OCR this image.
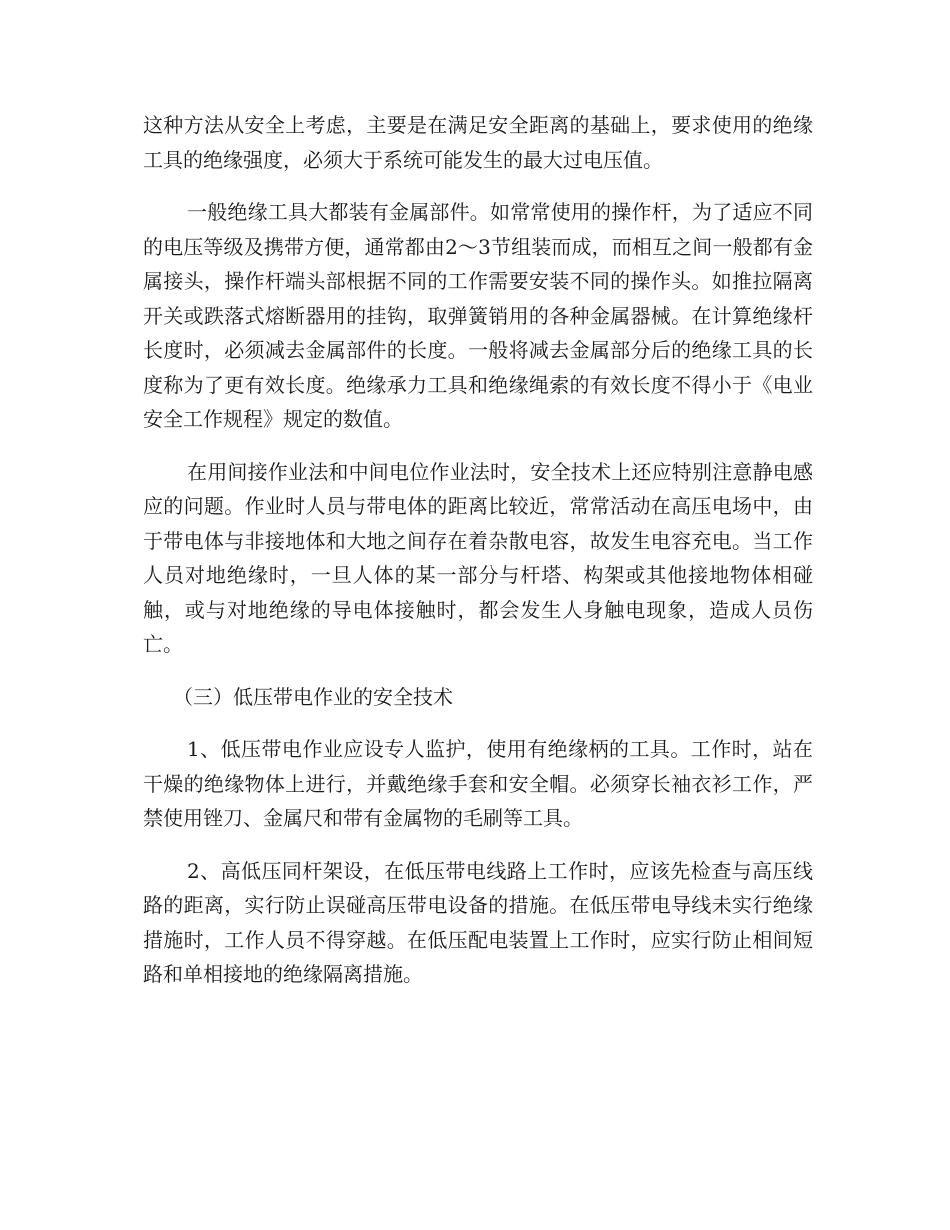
这种方法从安全上考虑，主要是在满足安全距离的基础上，要求使用的绝缘工具的绝缘强度，必须大于系统可能发生的最大过电压值。

一般绝缘工具大都装有金属部件。如常常使用的操作杆，为了适应不同的电压等级及携带方便，通常都由2～3节组装而成，而相互之间一般都有金属接头，操作杆端头部根据不同的工作需要安装不同的操作头。如推拉隔离开关或跌落式熔断器用的挂钩，取弹簧销用的各种金属器械。在计算绝缘杆长度时，必须减去金属部件的长度。一般将减去金属部分后的绝缘工具的长度称为了更有效长度。绝缘承力工具和绝缘绳索的有效长度不得小于《电业安全工作规程》规定的数值。

在用间接作业法和中间电位作业法时，安全技术上还应特别注意静电感应的问题。作业时人员与带电体的距离比较近，常常活动在高压电场中，由于带电体与非接地体和大地之间存在着杂散电容，故发生电容充电。当工作人员对地绝缘时，一旦人体的某一部分与杆塔、构架或其他接地物体相碰触，或与对地绝缘的导电体接触时，都会发生人身触电现象，造成人员伤亡。

（三）低压带电作业的安全技术

1、低压带电作业应设专人监护，使用有绝缘柄的工具。工作时，站在干燥的绝缘物体上进行，并戴绝缘手套和安全帽。必须穿长袖衣衫工作，严禁使用锉刀、金属尺和带有金属物的毛刷等工具。

2、高低压同杆架设，在低压带电线路上工作时，应该先检查与高压线路的距离，实行防止误碰高压带电设备的措施。在低压带电导线未实行绝缘措施时，工作人员不得穿越。在低压配电装置上工作时，应实行防止相间短路和单相接地的绝缘隔离措施。
